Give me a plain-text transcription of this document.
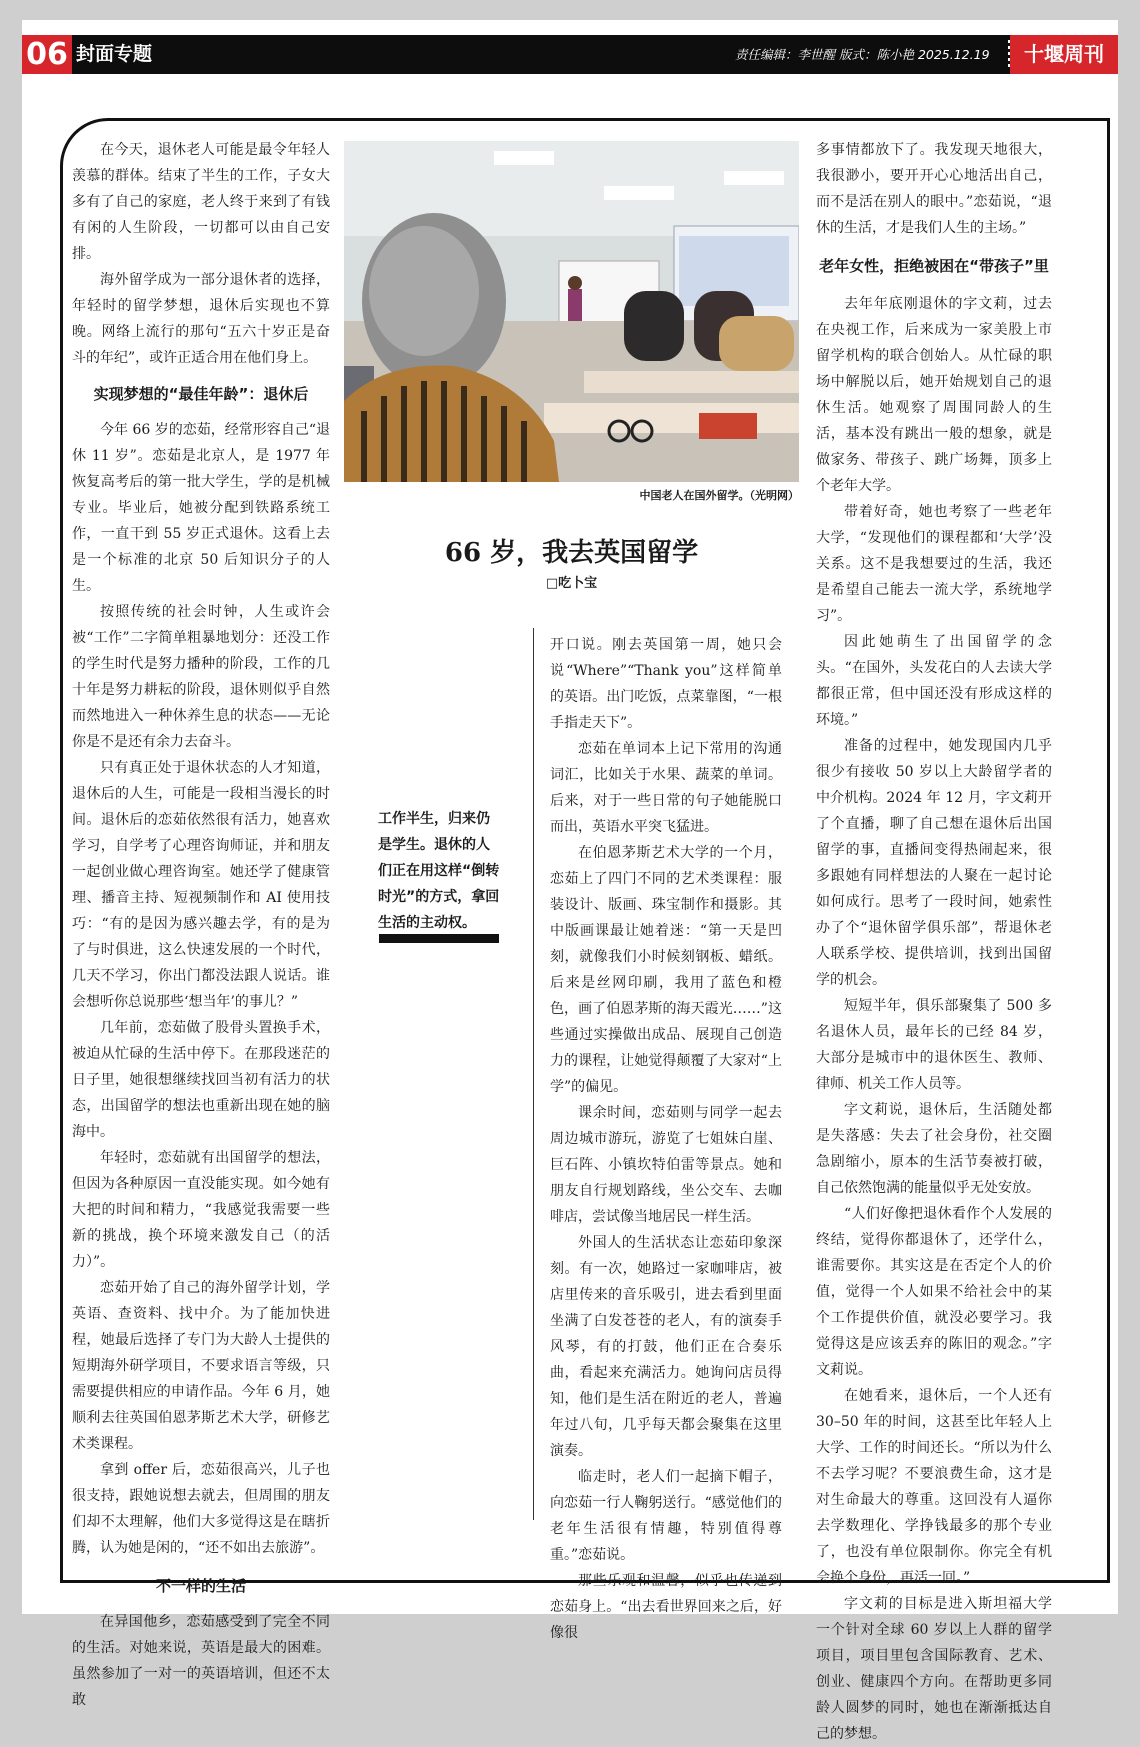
06 封面专题	责任编辑：李世醒 版式：陈小艳 2025.12.19	十堰周刊

在今天，退休老人可能是最令年轻人羡慕的群体。结束了半生的工作，子女大多有了自己的家庭，老人终于来到了有钱有闲的人生阶段，一切都可以由自己安排。

海外留学成为一部分退休者的选择，年轻时的留学梦想，退休后实现也不算晚。网络上流行的那句“五六十岁正是奋斗的年纪”，或许正适合用在他们身上。

实现梦想的“最佳年龄”：退休后

今年 66 岁的恋茹，经常形容自己“退休 11 岁”。恋茹是北京人，是 1977 年恢复高考后的第一批大学生，学的是机械专业。毕业后，她被分配到铁路系统工作，一直干到 55 岁正式退休。这看上去是一个标准的北京 50 后知识分子的人生。

按照传统的社会时钟，人生或许会被“工作”二字简单粗暴地划分：还没工作的学生时代是努力播种的阶段，工作的几十年是努力耕耘的阶段，退休则似乎自然而然地进入一种休养生息的状态——无论你是不是还有余力去奋斗。

只有真正处于退休状态的人才知道，退休后的人生，可能是一段相当漫长的时间。退休后的恋茹依然很有活力，她喜欢学习，自学考了心理咨询师证，并和朋友一起创业做心理咨询室。她还学了健康管理、播音主持、短视频制作和 AI 使用技巧：“有的是因为感兴趣去学，有的是为了与时俱进，这么快速发展的一个时代，几天不学习，你出门都没法跟人说话。谁会想听你总说那些‘想当年’的事儿？”

几年前，恋茹做了股骨头置换手术，被迫从忙碌的生活中停下。在那段迷茫的日子里，她很想继续找回当初有活力的状态，出国留学的想法也重新出现在她的脑海中。

年轻时，恋茹就有出国留学的想法，但因为各种原因一直没能实现。如今她有大把的时间和精力，“我感觉我需要一些新的挑战，换个环境来激发自己（的活力）”。

恋茹开始了自己的海外留学计划，学英语、查资料、找中介。为了能加快进程，她最后选择了专门为大龄人士提供的短期海外研学项目，不要求语言等级，只需要提供相应的申请作品。今年 6 月，她顺利去往英国伯恩茅斯艺术大学，研修艺术类课程。

拿到 offer 后，恋茹很高兴，儿子也很支持，跟她说想去就去，但周围的朋友们却不太理解，他们大多觉得这是在瞎折腾，认为她是闲的，“还不如出去旅游”。

不一样的生活

在异国他乡，恋茹感受到了完全不同的生活。对她来说，英语是最大的困难。虽然参加了一对一的英语培训，但还不太敢

中国老人在国外留学。（光明网）
66 岁，我去英国留学
□吃卜宝
工作半生，归来仍是学生。退休的人们正在用这样“倒转时光”的方式，拿回生活的主动权。

开口说。刚去英国第一周，她只会说“Where”“Thank you”这样简单的英语。出门吃饭，点菜靠图，“一根手指走天下”。

恋茹在单词本上记下常用的沟通词汇，比如关于水果、蔬菜的单词。后来，对于一些日常的句子她能脱口而出，英语水平突飞猛进。

在伯恩茅斯艺术大学的一个月，恋茹上了四门不同的艺术类课程：服装设计、版画、珠宝制作和摄影。其中版画课最让她着迷：“第一天是凹刻，就像我们小时候刻钢板、蜡纸。后来是丝网印刷，我用了蓝色和橙色，画了伯恩茅斯的海天霞光……”这些通过实操做出成品、展现自己创造力的课程，让她觉得颠覆了大家对“上学”的偏见。

课余时间，恋茹则与同学一起去周边城市游玩，游览了七姐妹白崖、巨石阵、小镇坎特伯雷等景点。她和朋友自行规划路线，坐公交车、去咖啡店，尝试像当地居民一样生活。

外国人的生活状态让恋茹印象深刻。有一次，她路过一家咖啡店，被店里传来的音乐吸引，进去看到里面坐满了白发苍苍的老人，有的演奏手风琴，有的打鼓，他们正在合奏乐曲，看起来充满活力。她询问店员得知，他们是生活在附近的老人，普遍年过八旬，几乎每天都会聚集在这里演奏。

临走时，老人们一起摘下帽子，向恋茹一行人鞠躬送行。“感觉他们的老年生活很有情趣，特别值得尊重。”恋茹说。

那些乐观和温馨，似乎也传递到恋茹身上。“出去看世界回来之后，好像很

多事情都放下了。我发现天地很大，我很渺小，要开开心心地活出自己，而不是活在别人的眼中。”恋茹说，“退休的生活，才是我们人生的主场。”

老年女性，拒绝被困在“带孩子”里

去年年底刚退休的字文莉，过去在央视工作，后来成为一家美股上市留学机构的联合创始人。从忙碌的职场中解脱以后，她开始规划自己的退休生活。她观察了周围同龄人的生活，基本没有跳出一般的想象，就是做家务、带孩子、跳广场舞，顶多上个老年大学。

带着好奇，她也考察了一些老年大学，“发现他们的课程都和‘大学’没关系。这不是我想要过的生活，我还是希望自己能去一流大学，系统地学习”。

因此她萌生了出国留学的念头。“在国外，头发花白的人去读大学都很正常，但中国还没有形成这样的环境。”

准备的过程中，她发现国内几乎很少有接收 50 岁以上大龄留学者的中介机构。2024 年 12 月，字文莉开了个直播，聊了自己想在退休后出国留学的事，直播间变得热闹起来，很多跟她有同样想法的人聚在一起讨论如何成行。思考了一段时间，她索性办了个“退休留学俱乐部”，帮退休老人联系学校、提供培训，找到出国留学的机会。

短短半年，俱乐部聚集了 500 多名退休人员，最年长的已经 84 岁，大部分是城市中的退休医生、教师、律师、机关工作人员等。

字文莉说，退休后，生活随处都是失落感：失去了社会身份，社交圈急剧缩小，原本的生活节奏被打破，自己依然饱满的能量似乎无处安放。

“人们好像把退休看作个人发展的终结，觉得你都退休了，还学什么，谁需要你。其实这是在否定个人的价值，觉得一个人如果不给社会中的某个工作提供价值，就没必要学习。我觉得这是应该丢弃的陈旧的观念。”字文莉说。

在她看来，退休后，一个人还有 30–50 年的时间，这甚至比年轻人上大学、工作的时间还长。“所以为什么不去学习呢？不要浪费生命，这才是对生命最大的尊重。这回没有人逼你去学数理化、学挣钱最多的那个专业了，也没有单位限制你。你完全有机会换个身份，再活一回。”

字文莉的目标是进入斯坦福大学一个针对全球 60 岁以上人群的留学项目，项目里包含国际教育、艺术、创业、健康四个方向。在帮助更多同龄人圆梦的同时，她也在渐渐抵达自己的梦想。
